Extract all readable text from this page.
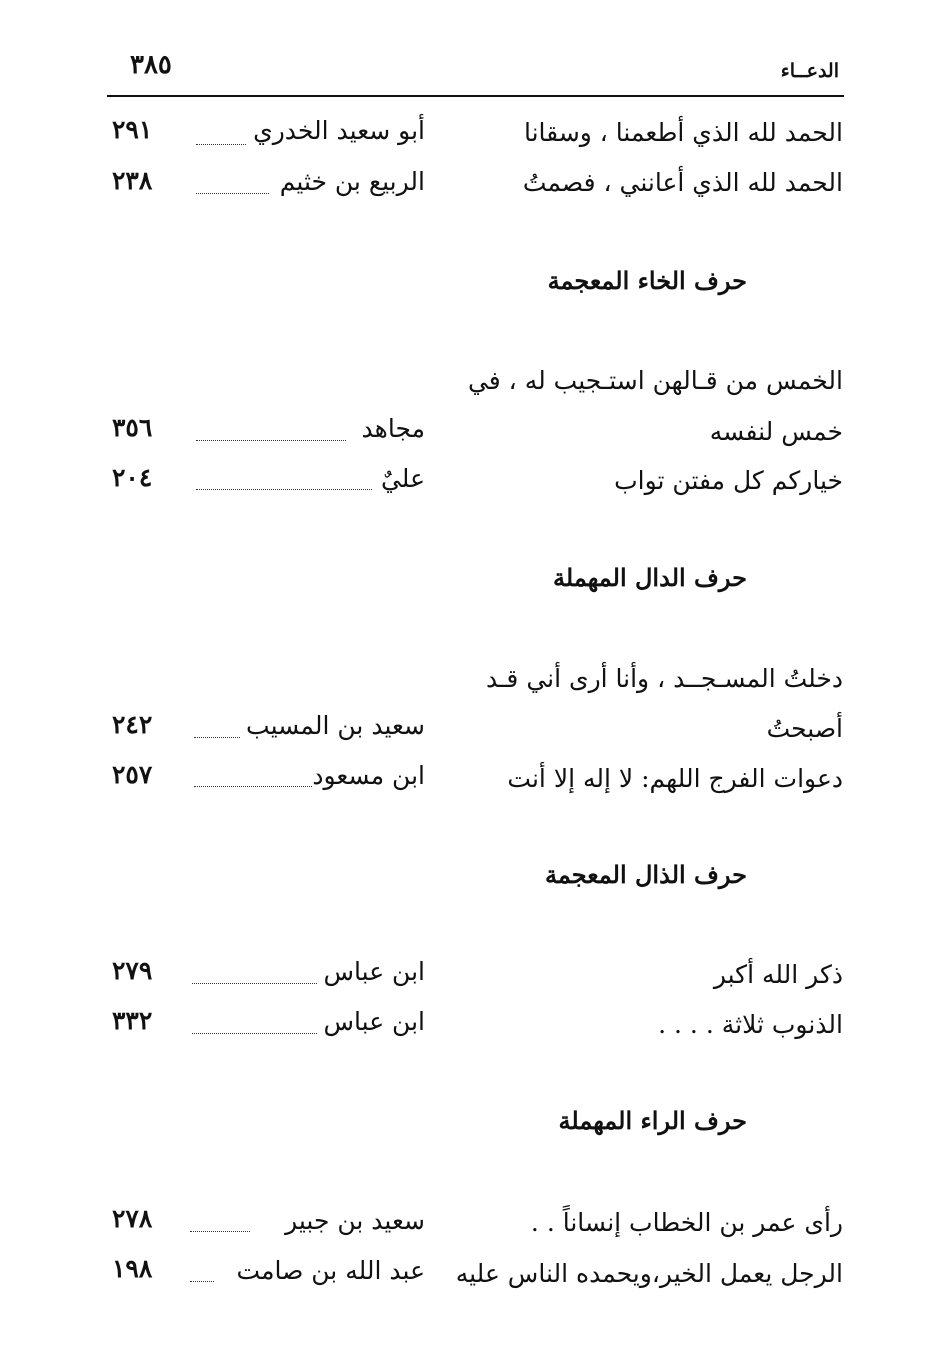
الدعــاء
٣٨٥
الحمد لله الذي أطعمنا ، وسقانا
أبو سعيد الخدري
٢٩١
الحمد لله الذي أعانني ، فصمتُ
الربيع بن خثيم
٢٣٨
حرف الخاء المعجمة
الخمس من قـالهن استـجيب له ، في
خمس لنفسه
مجاهد
٣٥٦
خياركم كل مفتن تواب
عليٌ
٢٠٤
حرف الدال المهملة
دخلتُ المسـجــد ، وأنا أرى أني قـد
أصبحتُ
سعيد بن المسيب
٢٤٢
دعوات الفرج اللهم: لا إله إلا أنت
ابن مسعود
٢٥٧
حرف الذال المعجمة
ذكر الله أكبر
ابن عباس
٢٧٩
الذنوب ثلاثة . . . .
ابن عباس
٣٣٢
حرف الراء المهملة
رأى عمر بن الخطاب إنساناً . .
سعيد بن جبير
٢٧٨
الرجل يعمل الخير،ويحمده الناس عليه
عبد الله بن صامت
١٩٨
